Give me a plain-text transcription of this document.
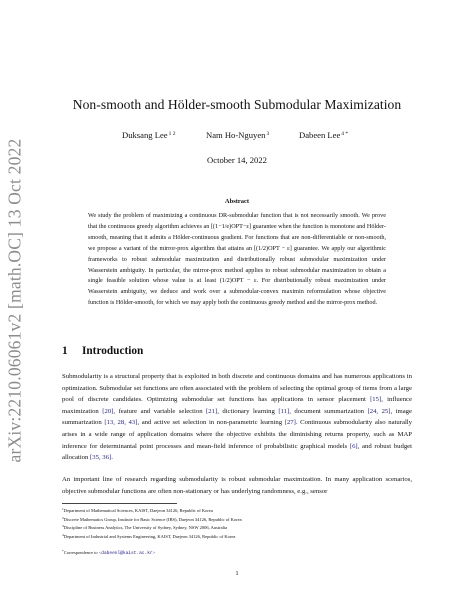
arXiv:2210.06061v2 [math.OC] 13 Oct 2022
Non-smooth and Hölder-smooth Submodular Maximization
Duksang Lee$^{1 2}$	Nam Ho-Nguyen$^3$	Dabeen Lee$^{4 *}$
October 14, 2022
Abstract
We study the problem of maximizing a continuous DR-submodular function that is not necessarily smooth. We prove that the continuous greedy algorithm achieves an [(1−1/e)OPT−ε] guarantee when the function is monotone and Hölder-smooth, meaning that it admits a Hölder-continuous gradient. For functions that are non-differentiable or non-smooth, we propose a variant of the mirror-prox algorithm that attains an [(1/2)OPT − ε] guarantee. We apply our algorithmic frameworks to robust submodular maximization and distributionally robust submodular maximization under Wasserstein ambiguity. In particular, the mirror-prox method applies to robust submodular maximization to obtain a single feasible solution whose value is at least (1/2)OPT − ε. For distributionally robust maximization under Wasserstein ambiguity, we deduce and work over a submodular-convex maximin reformulation whose objective function is Hölder-smooth, for which we may apply both the continuous greedy method and the mirror-prox method.
1 Introduction
Submodularity is a structural property that is exploited in both discrete and continuous domains and has numerous applications in optimization. Submodular set functions are often associated with the problem of selecting the optimal group of items from a large pool of discrete candidates. Optimizing submodular set functions has applications in sensor placement [15], influence maximization [20], feature and variable selection [21], dictionary learning [11], document summarization [24, 25], image summarization [13, 28, 43], and active set selection in non-parametric learning [27]. Continuous submodularity also naturally arises in a wide range of application domains where the objective exhibits the diminishing returns property, such as MAP inference for determinantal point processes and mean-field inference of probabilistic graphical models [6], and robust budget allocation [35, 36].
An important line of research regarding submodularity is robust submodular maximization. In many application scenarios, objective submodular functions are often non-stationary or has underlying randomness, e.g., sensor
$^1$Department of Mathematical Sciences, KAIST, Daejeon 34126, Republic of Korea
$^2$Discrete Mathematics Group, Institute for Basic Science (IBS), Daejeon 34126, Republic of Korea
$^3$Discipline of Business Analytics, The University of Sydney, Sydney, NSW 2006, Australia
$^4$Department of Industrial and Systems Engineering, KAIST, Daejeon 34126, Republic of Korea
*Correspondence to <dabeenl@kaist.ac.kr>
1
